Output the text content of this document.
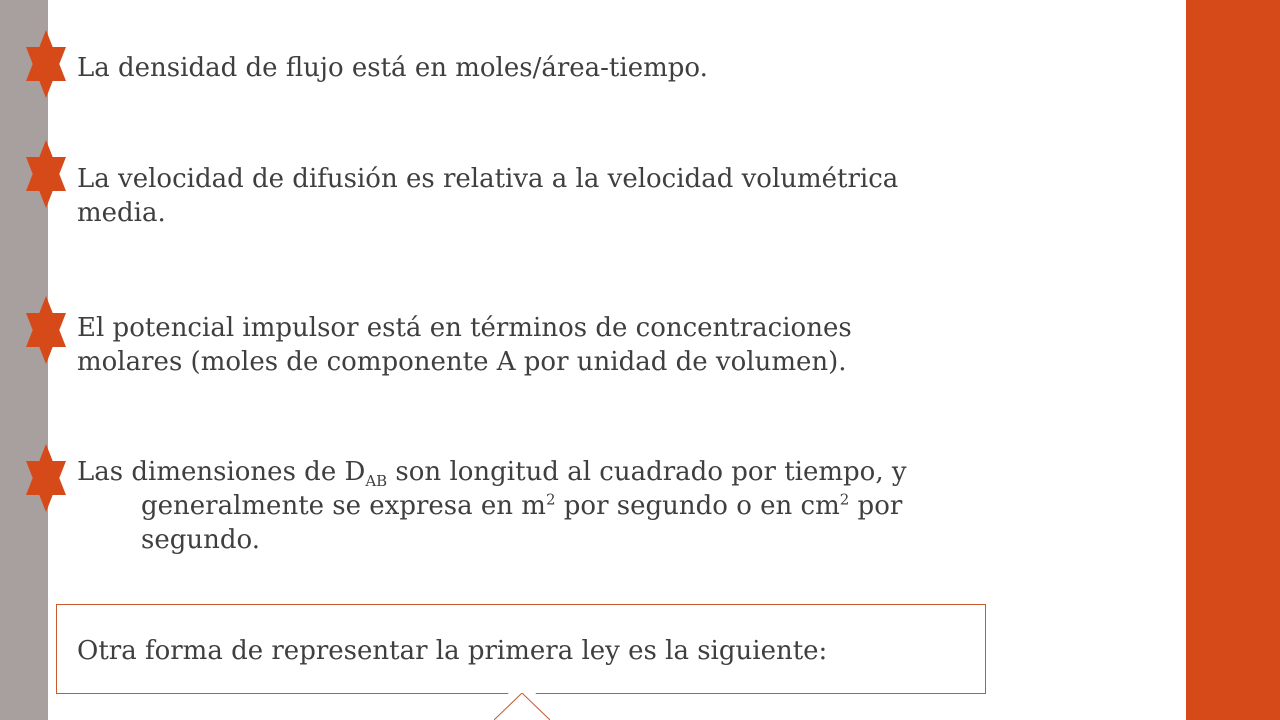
La densidad de flujo está en moles/área-tiempo.
La velocidad de difusión es relativa a la velocidad volumétrica
media.
El potencial impulsor está en términos de concentraciones
molares (moles de componente A por unidad de volumen).
Las dimensiones de $D_{AB}$ son longitud al cuadrado por tiempo, y
generalmente se expresa en $m^2$ por segundo o en $cm^2$ por
segundo.
Otra forma de representar la primera ley es la siguiente:
